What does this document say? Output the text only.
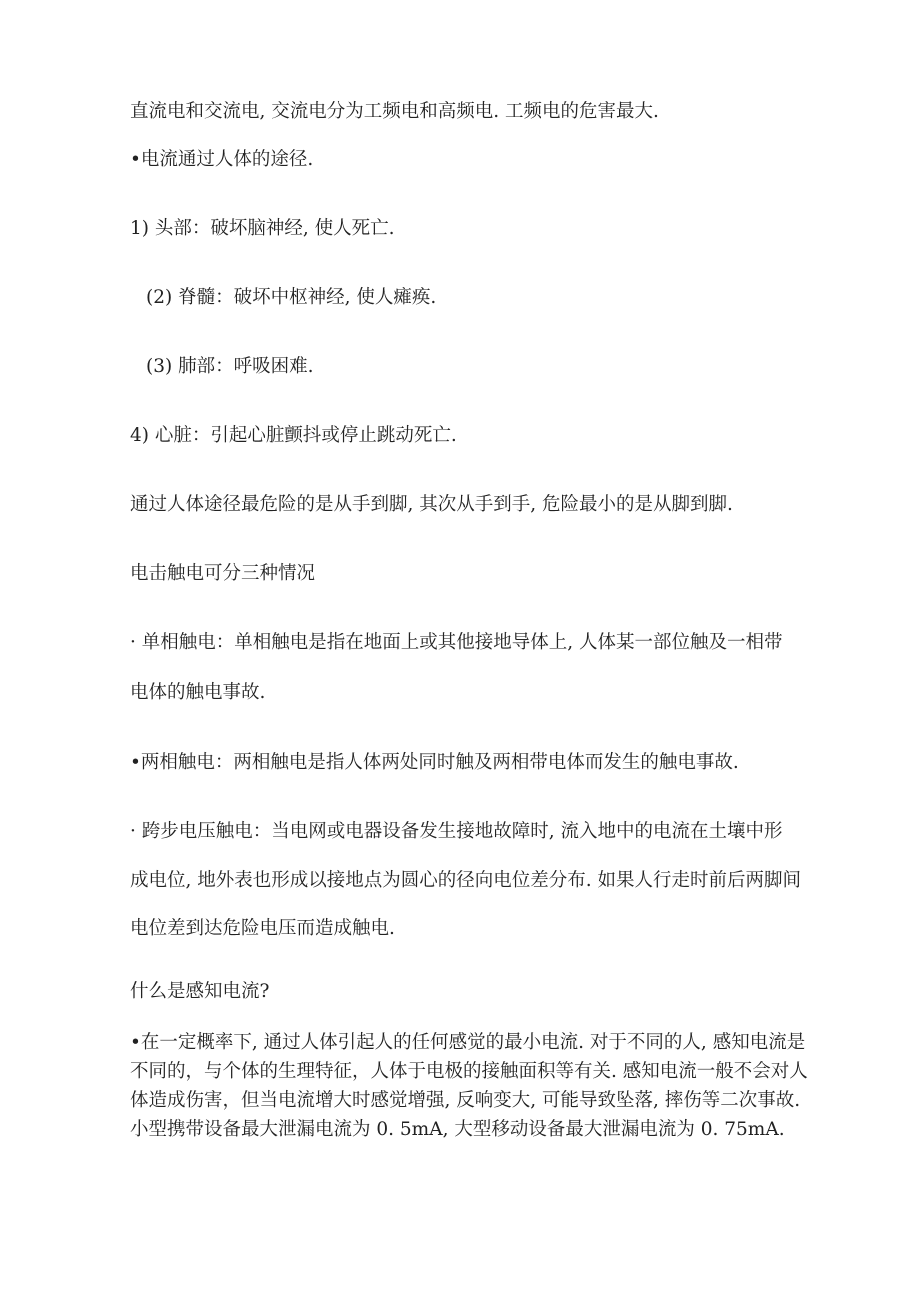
直流电和交流电, 交流电分为工频电和高频电. 工频电的危害最大.
•电流通过人体的途径.
1) 头部：破坏脑神经, 使人死亡.
(2) 脊髓：破坏中枢神经, 使人瘫痪.
(3) 肺部：呼吸困难.
4) 心脏：引起心脏颤抖或停止跳动死亡.
通过人体途径最危险的是从手到脚, 其次从手到手, 危险最小的是从脚到脚.
电击触电可分三种情况
· 单相触电：单相触电是指在地面上或其他接地导体上, 人体某一部位触及一相带
电体的触电事故.
•两相触电：两相触电是指人体两处同时触及两相带电体而发生的触电事故.
· 跨步电压触电：当电网或电器设备发生接地故障时, 流入地中的电流在土壤中形
成电位, 地外表也形成以接地点为圆心的径向电位差分布. 如果人行走时前后两脚间
电位差到达危险电压而造成触电.
什么是感知电流?
•在一定概率下, 通过人体引起人的任何感觉的最小电流. 对于不同的人, 感知电流是
不同的，与个体的生理特征，人体于电极的接触面积等有关. 感知电流一般不会对人
体造成伤害，但当电流增大时感觉增强, 反响变大, 可能导致坠落, 摔伤等二次事故.
小型携带设备最大泄漏电流为 0. 5mA, 大型移动设备最大泄漏电流为 0. 75mA.
